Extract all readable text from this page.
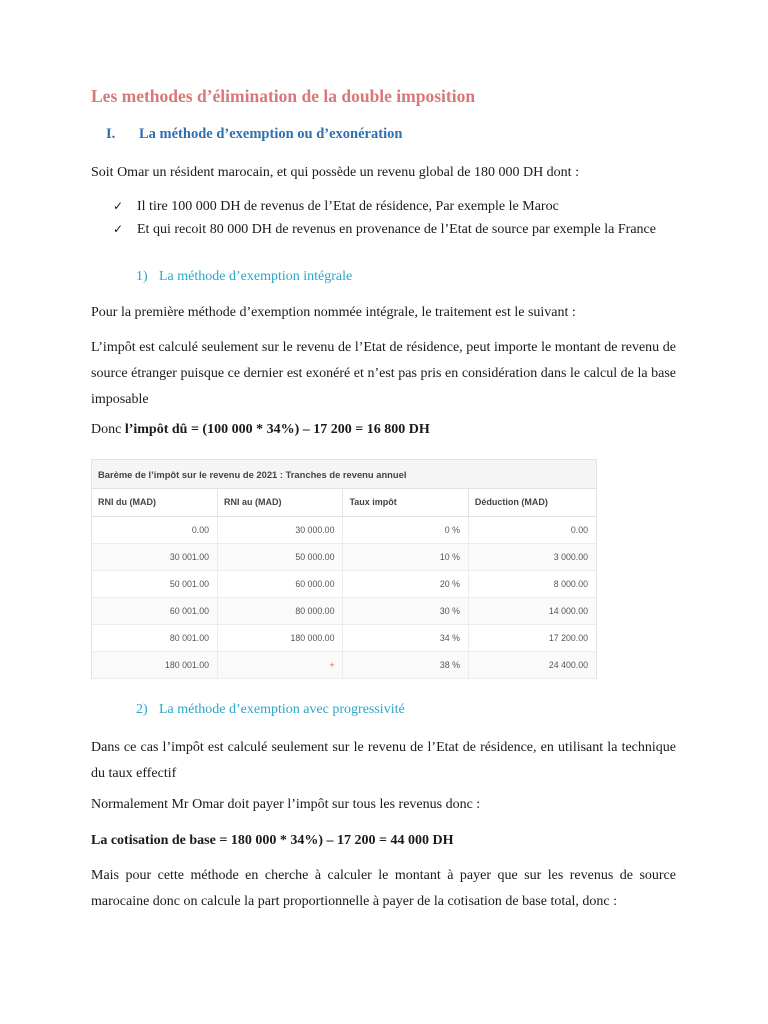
Les methodes d’élimination de la double imposition
I. La méthode d’exemption ou d’exonération
Soit Omar un résident marocain, et qui possède un revenu global de 180 000 DH dont :
✓ Il tire 100 000 DH de revenus de l’Etat de résidence, Par exemple le Maroc
✓ Et qui recoit 80 000 DH de revenus en provenance de l’Etat de source par exemple la France
1) La méthode d’exemption intégrale
Pour la première méthode d’exemption nommée intégrale, le traitement est le suivant :
L’impôt est calculé seulement sur le revenu de l’Etat de résidence, peut importe le montant de revenu de source étranger puisque ce dernier est exonéré et n’est pas pris en considération dans le calcul de la base imposable
Donc l’impôt dû = (100 000 * 34%) – 17 200 = 16 800 DH
Barème de l’impôt sur le revenu de 2021 : Tranches de revenu annuel
RNI du (MAD)	RNI au (MAD)	Taux impôt	Déduction (MAD)
0.00	30 000.00	0 %	0.00
30 001.00	50 000.00	10 %	3 000.00
50 001.00	60 000.00	20 %	8 000.00
60 001.00	80 000.00	30 %	14 000.00
80 001.00	180 000.00	34 %	17 200.00
180 001.00	+	38 %	24 400.00
2) La méthode d’exemption avec progressivité
Dans ce cas l’impôt est calculé seulement sur le revenu de l’Etat de résidence, en utilisant la technique du taux effectif
Normalement Mr Omar doit payer l’impôt sur tous les revenus donc :
La cotisation de base = 180 000 * 34%) – 17 200 = 44 000 DH
Mais pour cette méthode en cherche à calculer le montant à payer que sur les revenus de source marocaine donc on calcule la part proportionnelle à payer de la cotisation de base total, donc :
